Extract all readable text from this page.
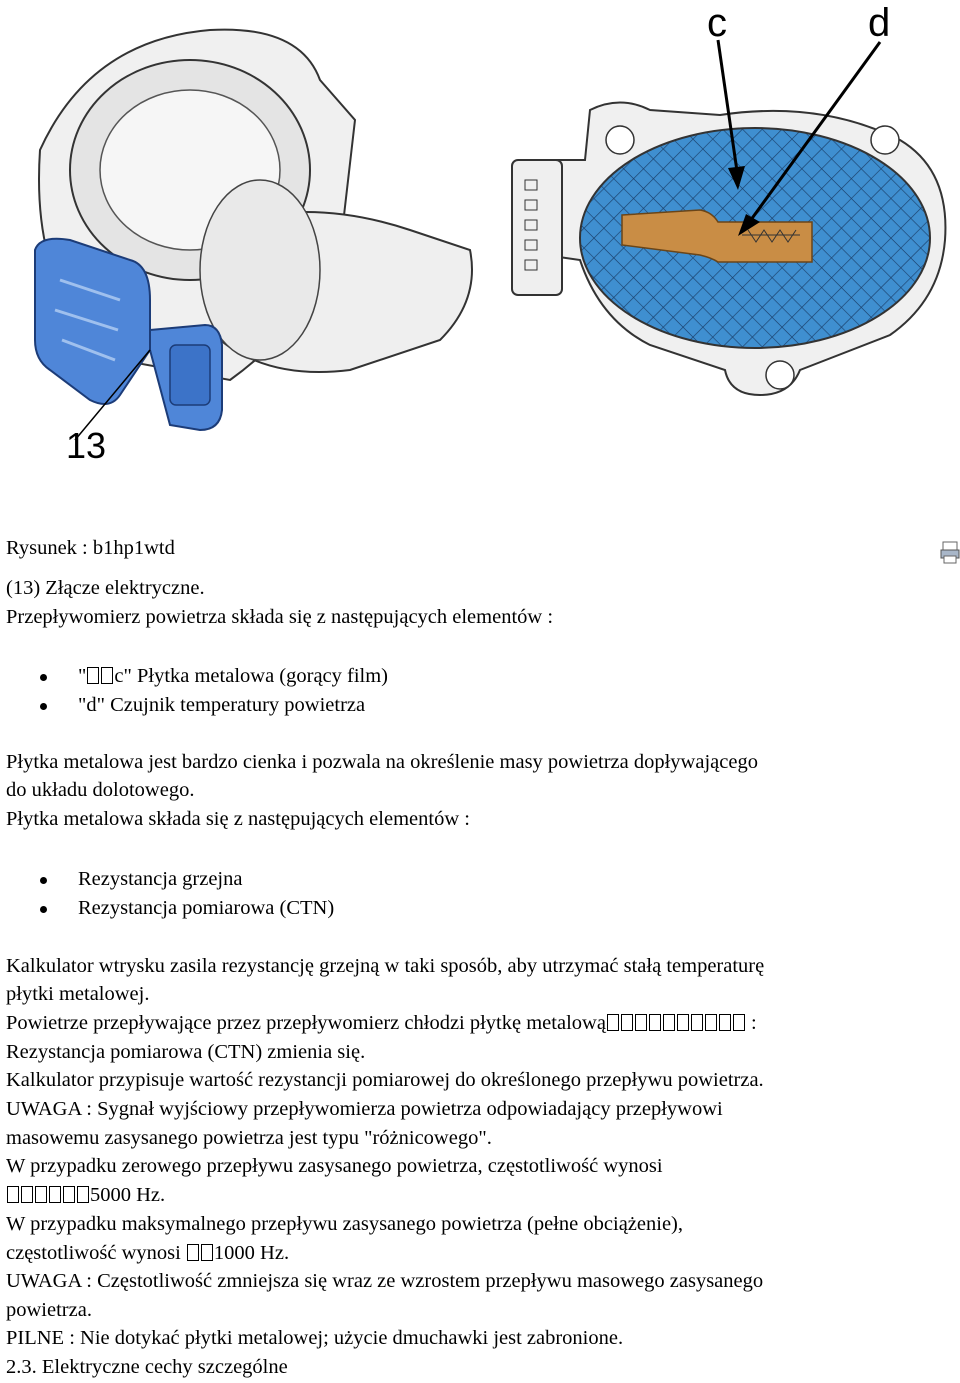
c	d
13
Rysunek : b1hp1wtd
(13) Złącze elektryczne.
Przepływomierz powietrza składa się z następujących elementów :
" c" Płytka metalowa (gorący film)
"d" Czujnik temperatury powietrza
Płytka metalowa jest bardzo cienka i pozwala na określenie masy powietrza dopływającego
do układu dolotowego.
Płytka metalowa składa się z następujących elementów :
Rezystancja grzejna
Rezystancja pomiarowa (CTN)
Kalkulator wtrysku zasila rezystancję grzejną w taki sposób, aby utrzymać stałą temperaturę
płytki metalowej.
Powietrze przepływające przez przepływomierz chłodzi płytkę metalową	:
Rezystancja pomiarowa (CTN) zmienia się.
Kalkulator przypisuje wartość rezystancji pomiarowej do określonego przepływu powietrza.
UWAGA : Sygnał wyjściowy przepływomierza powietrza odpowiadający przepływowi
masowemu zasysanego powietrza jest typu "różnicowego".
W przypadku zerowego przepływu zasysanego powietrza, częstotliwość wynosi
5000 Hz.
W przypadku maksymalnego przepływu zasysanego powietrza (pełne obciążenie),
częstotliwość wynosi 1000 Hz.
UWAGA : Częstotliwość zmniejsza się wraz ze wzrostem przepływu masowego zasysanego
powietrza.
PILNE : Nie dotykać płytki metalowej; użycie dmuchawki jest zabronione.
2.3. Elektryczne cechy szczególne
